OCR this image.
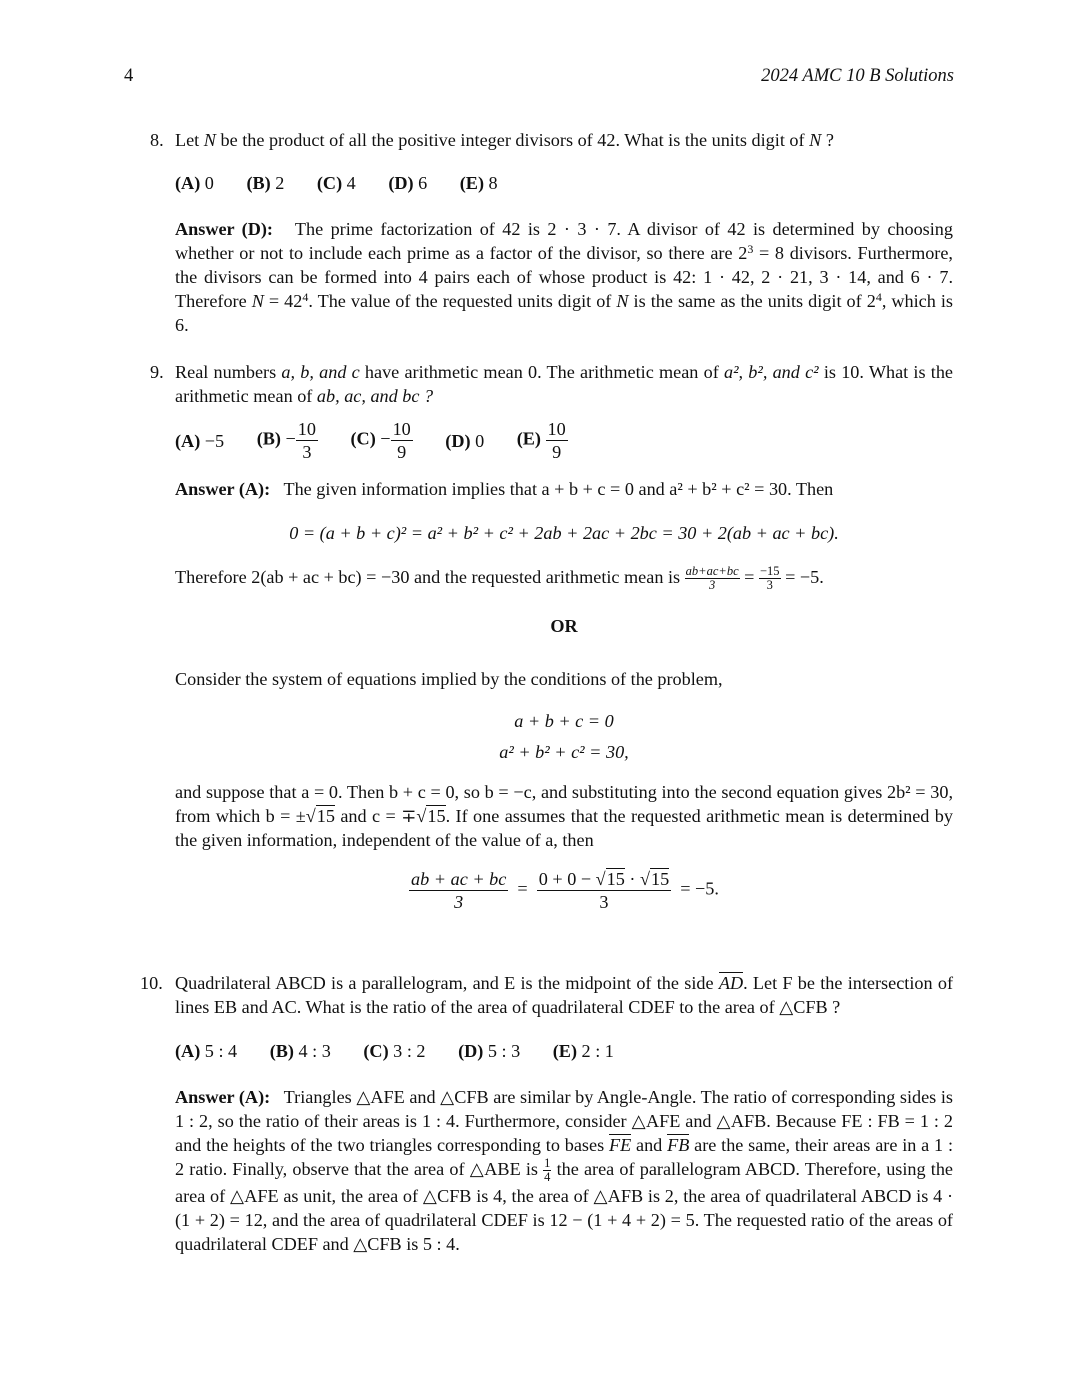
4	2024 AMC 10 B Solutions
8. Let N be the product of all the positive integer divisors of 42. What is the units digit of N ?
(A) 0 (B) 2 (C) 4 (D) 6 (E) 8
Answer (D): The prime factorization of 42 is 2 · 3 · 7. A divisor of 42 is determined by choosing whether or not to include each prime as a factor of the divisor, so there are $2^3 = 8$ divisors. Furthermore, the divisors can be formed into 4 pairs each of whose product is 42: 1 · 42, 2 · 21, 3 · 14, and 6 · 7. Therefore $N = 42^4$. The value of the requested units digit of N is the same as the units digit of $2^4$, which is 6.
9. Real numbers a, b, and c have arithmetic mean 0. The arithmetic mean of a², b², and c² is 10. What is the arithmetic mean of ab, ac, and bc ?
(A) −5 $(B) - \frac{10}{3} (C) - \frac{10}{9} (D)$ 0 $(E) \frac{10}{9}$
Answer (A): The given information implies that a + b + c = 0 and a² + b² + c² = 30. Then
0 = (a + b + c)² = a² + b² + c² + 2ab + 2ac + 2bc = 30 + 2(ab + ac + bc).
Therefore 2(ab + ac + bc) = −30 and the requested arithmetic mean is $\frac{ab+ac+bc}{3} = \frac{-15}{3} = -5$.
OR
Consider the system of equations implied by the conditions of the problem,
a + b + c = 0
a² + b² + c² = 30,
and suppose that a = 0. Then b + c = 0, so b = −c, and substituting into the second equation gives 2b² = 30, from which b = ±√15 and c = ∓√15. If one assumes that the requested arithmetic mean is determined by the given information, independent of the value of a, then
$\frac{ab + ac + bc}{3} = \frac{0 + 0 - √15 \cdot √15}{3} = -5$.
10. Quadrilateral ABCD is a parallelogram, and E is the midpoint of the side AD. Let F be the intersection of lines EB and AC. What is the ratio of the area of quadrilateral CDEF to the area of △CFB ?
(A) 5 : 4 (B) 4 : 3 (C) 3 : 2 (D) 5 : 3 (E) 2 : 1
Answer (A): Triangles △AFE and △CFB are similar by Angle-Angle. The ratio of corresponding sides is 1 : 2, so the ratio of their areas is 1 : 4. Furthermore, consider △AFE and △AFB. Because FE : FB = 1 : 2 and the heights of the two triangles corresponding to bases FE and FB are the same, their areas are in a 1 : 2 ratio. Finally, observe that the area of △ABE is $\frac{1}{4}$ the area of parallelogram ABCD. Therefore, using the area of △AFE as unit, the area of △CFB is 4, the area of △AFB is 2, the area of quadrilateral ABCD is 4 · (1 + 2) = 12, and the area of quadrilateral CDEF is 12 − (1 + 4 + 2) = 5. The requested ratio of the areas of quadrilateral CDEF and △CFB is 5 : 4.
